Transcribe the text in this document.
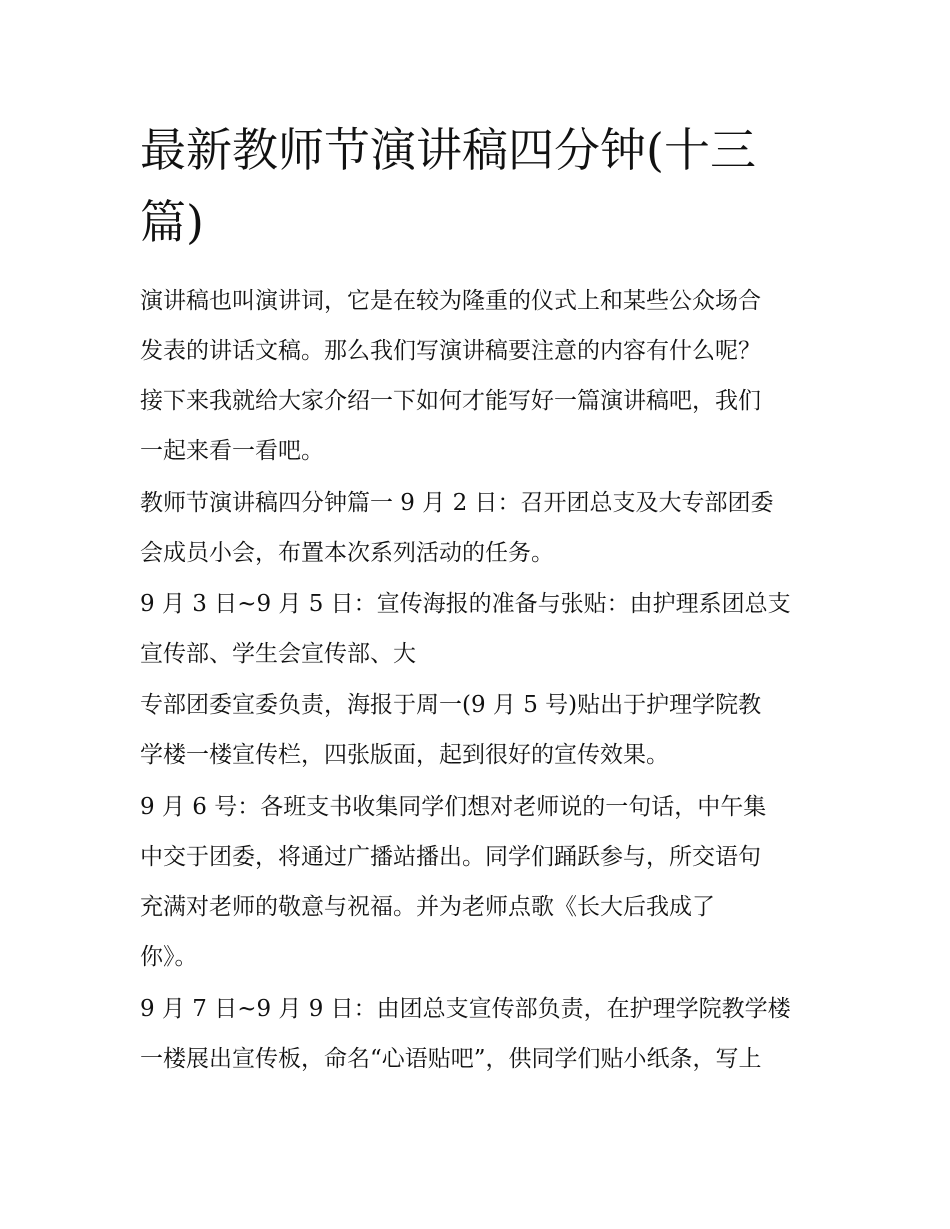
最新教师节演讲稿四分钟(十三
篇)
演讲稿也叫演讲词，它是在较为隆重的仪式上和某些公众场合
发表的讲话文稿。那么我们写演讲稿要注意的内容有什么呢？
接下来我就给大家介绍一下如何才能写好一篇演讲稿吧，我们
一起来看一看吧。
教师节演讲稿四分钟篇一 9 月 2 日：召开团总支及大专部团委
会成员小会，布置本次系列活动的任务。
9 月 3 日~9 月 5 日：宣传海报的准备与张贴：由护理系团总支
宣传部、学生会宣传部、大
专部团委宣委负责，海报于周一(9 月 5 号)贴出于护理学院教
学楼一楼宣传栏，四张版面，起到很好的宣传效果。
9 月 6 号：各班支书收集同学们想对老师说的一句话，中午集
中交于团委，将通过广播站播出。同学们踊跃参与，所交语句
充满对老师的敬意与祝福。并为老师点歌《长大后我成了
你》。
9 月 7 日~9 月 9 日：由团总支宣传部负责，在护理学院教学楼
一楼展出宣传板，命名“心语贴吧”，供同学们贴小纸条，写上
